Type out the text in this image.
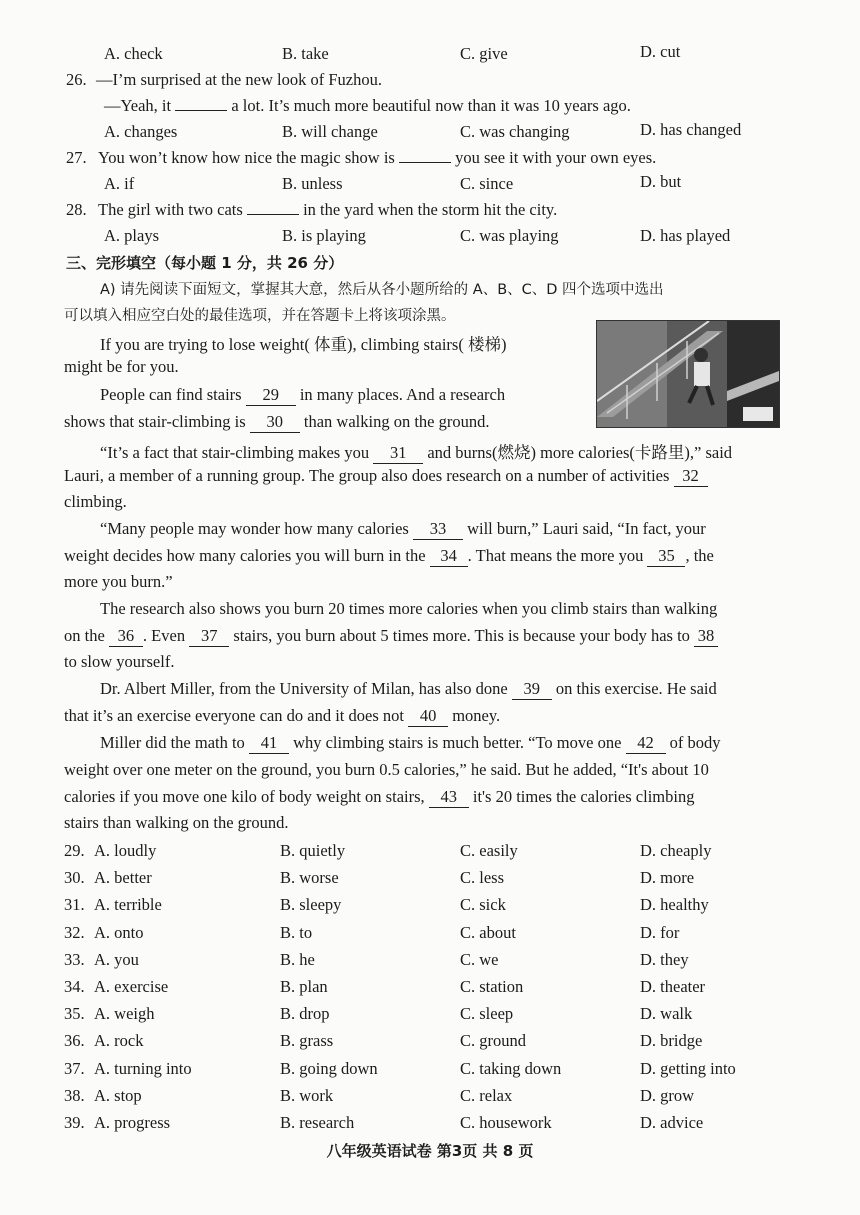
A. check	B. take	C. give	D. cut
26. —I’m surprised at the new look of Fuzhou.
—Yeah, it	a lot. It’s much more beautiful now than it was 10 years ago.
A. changes	B. will change	C. was changing	D. has changed
27. You won’t know how nice the magic show is	you see it with your own eyes.
A. if	B. unless	C. since	D. but
28. The girl with two cats	in the yard when the storm hit the city.
A. plays	B. is playing	C. was playing	D. has played
三、完形填空（每小题 1 分，共 26 分）
A) 请先阅读下面短文，掌握其大意，然后从各小题所给的 A、B、C、D 四个选项中选出
可以填入相应空白处的最佳选项，并在答题卡上将该项涂黑。
If you are trying to lose weight( 体重), climbing stairs( 楼梯)
might be for you.
People can find stairs 29 in many places. And a research
shows that stair-climbing is 30 than walking on the ground.
“It’s a fact that stair-climbing makes you 31 and burns(燃烧) more calories(卡路里),” said
Lauri, a member of a running group. The group also does research on a number of activities 32
climbing.
“Many people may wonder how many calories 33 will burn,” Lauri said, “In fact, your
weight decides how many calories you will burn in the 34 . That means the more you 35 , the
more you burn.”
The research also shows you burn 20 times more calories when you climb stairs than walking
on the 36 . Even 37 stairs, you burn about 5 times more. This is because your body has to 38
to slow yourself.
Dr. Albert Miller, from the University of Milan, has also done 39 on this exercise. He said
that it’s an exercise everyone can do and it does not 40 money.
Miller did the math to 41 why climbing stairs is much better. “To move one 42 of body
weight over one meter on the ground, you burn 0.5 calories,” he said. But he added, “It's about 10
calories if you move one kilo of body weight on stairs, 43 it's 20 times the calories climbing
stairs than walking on the ground.
29. A. loudly	B. quietly	C. easily	D. cheaply
30. A. better	B. worse	C. less	D. more
31. A. terrible	B. sleepy	C. sick	D. healthy
32. A. onto	B. to	C. about	D. for
33. A. you	B. he	C. we	D. they
34. A. exercise	B. plan	C. station	D. theater
35. A. weigh	B. drop	C. sleep	D. walk
36. A. rock	B. grass	C. ground	D. bridge
37. A. turning into	B. going down	C. taking down	D. getting into
38. A. stop	B. work	C. relax	D. grow
39. A. progress	B. research	C. housework	D. advice
八年级英语试卷 第3页 共 8 页
